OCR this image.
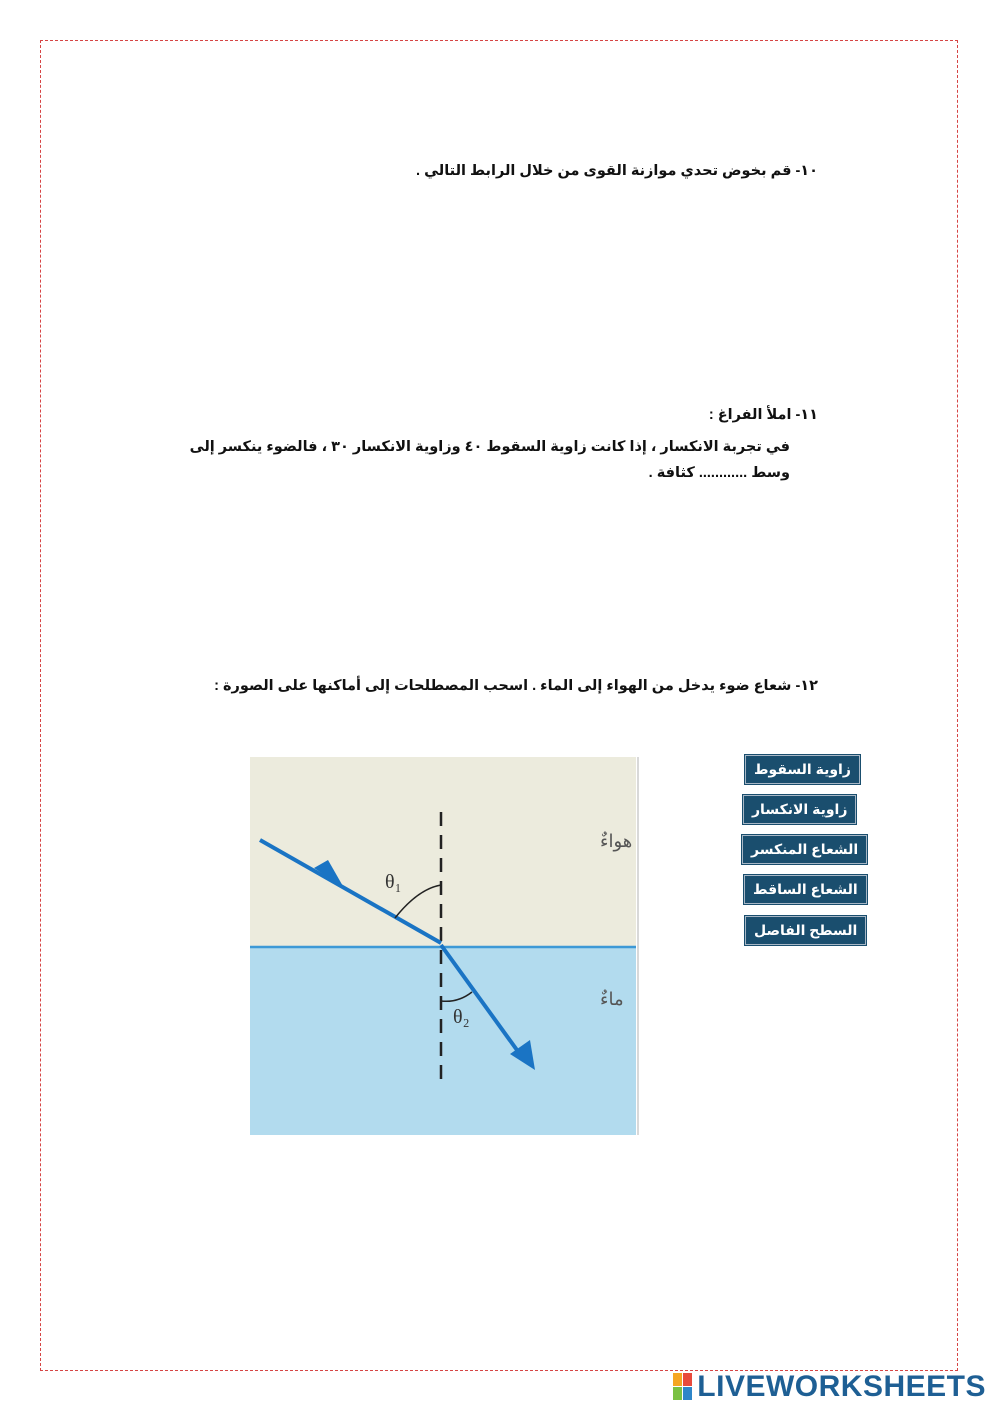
١٠- قم بخوض تحدي موازنة القوى من خلال الرابط التالي .
١١- املأ الفراغ :
في تجربة الانكسار ، إذا كانت زاوية السقوط ٤٠ وزاوية الانكسار ٣٠ ، فالضوء ينكسر إلى وسط ............ كثافة .
١٢- شعاع ضوء يدخل من الهواء إلى الماء . اسحب المصطلحات إلى أماكنها على الصورة :
θ₁
θ₂
هواءٌ
ماءٌ
زاوية السقوط
زاوية الانكسار
الشعاع المنكسر
الشعاع الساقط
السطح الفاصل
LIVEWORKSHEETS
